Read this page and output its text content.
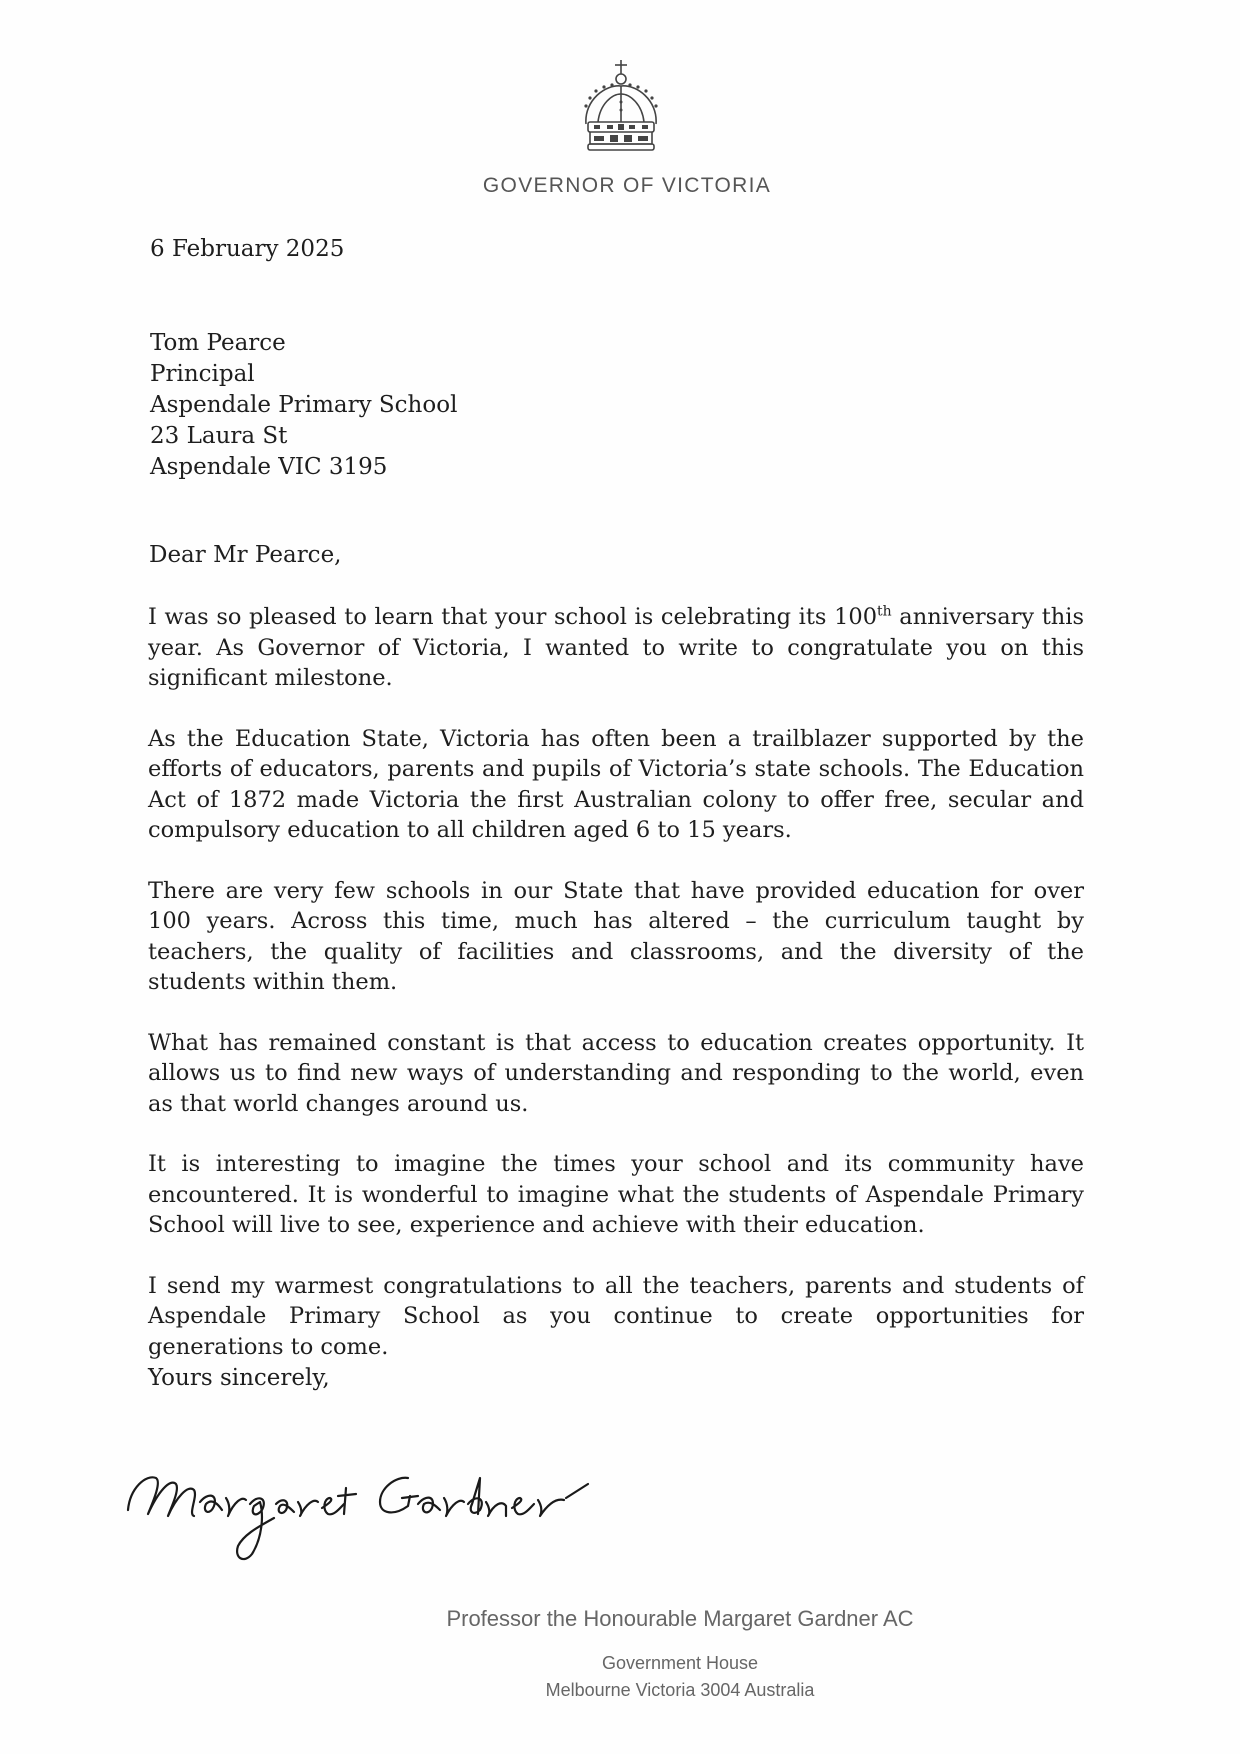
GOVERNOR OF VICTORIA
6 February 2025
Tom Pearce
Principal
Aspendale Primary School
23 Laura St
Aspendale VIC 3195
Dear Mr Pearce,

I was so pleased to learn that your school is celebrating its 100th anniversary this year. As Governor of Victoria, I wanted to write to congratulate you on this significant milestone.

As the Education State, Victoria has often been a trailblazer supported by the efforts of educators, parents and pupils of Victoria’s state schools. The Education Act of 1872 made Victoria the first Australian colony to offer free, secular and compulsory education to all children aged 6 to 15 years.

There are very few schools in our State that have provided education for over 100 years. Across this time, much has altered – the curriculum taught by teachers, the quality of facilities and classrooms, and the diversity of the students within them.

What has remained constant is that access to education creates opportunity. It allows us to find new ways of understanding and responding to the world, even as that world changes around us.

It is interesting to imagine the times your school and its community have encountered. It is wonderful to imagine what the students of Aspendale Primary School will live to see, experience and achieve with their education.

I send my warmest congratulations to all the teachers, parents and students of Aspendale Primary School as you continue to create opportunities for generations to come.

Yours sincerely,
Professor the Honourable Margaret Gardner AC
Government House
Melbourne Victoria 3004 Australia
